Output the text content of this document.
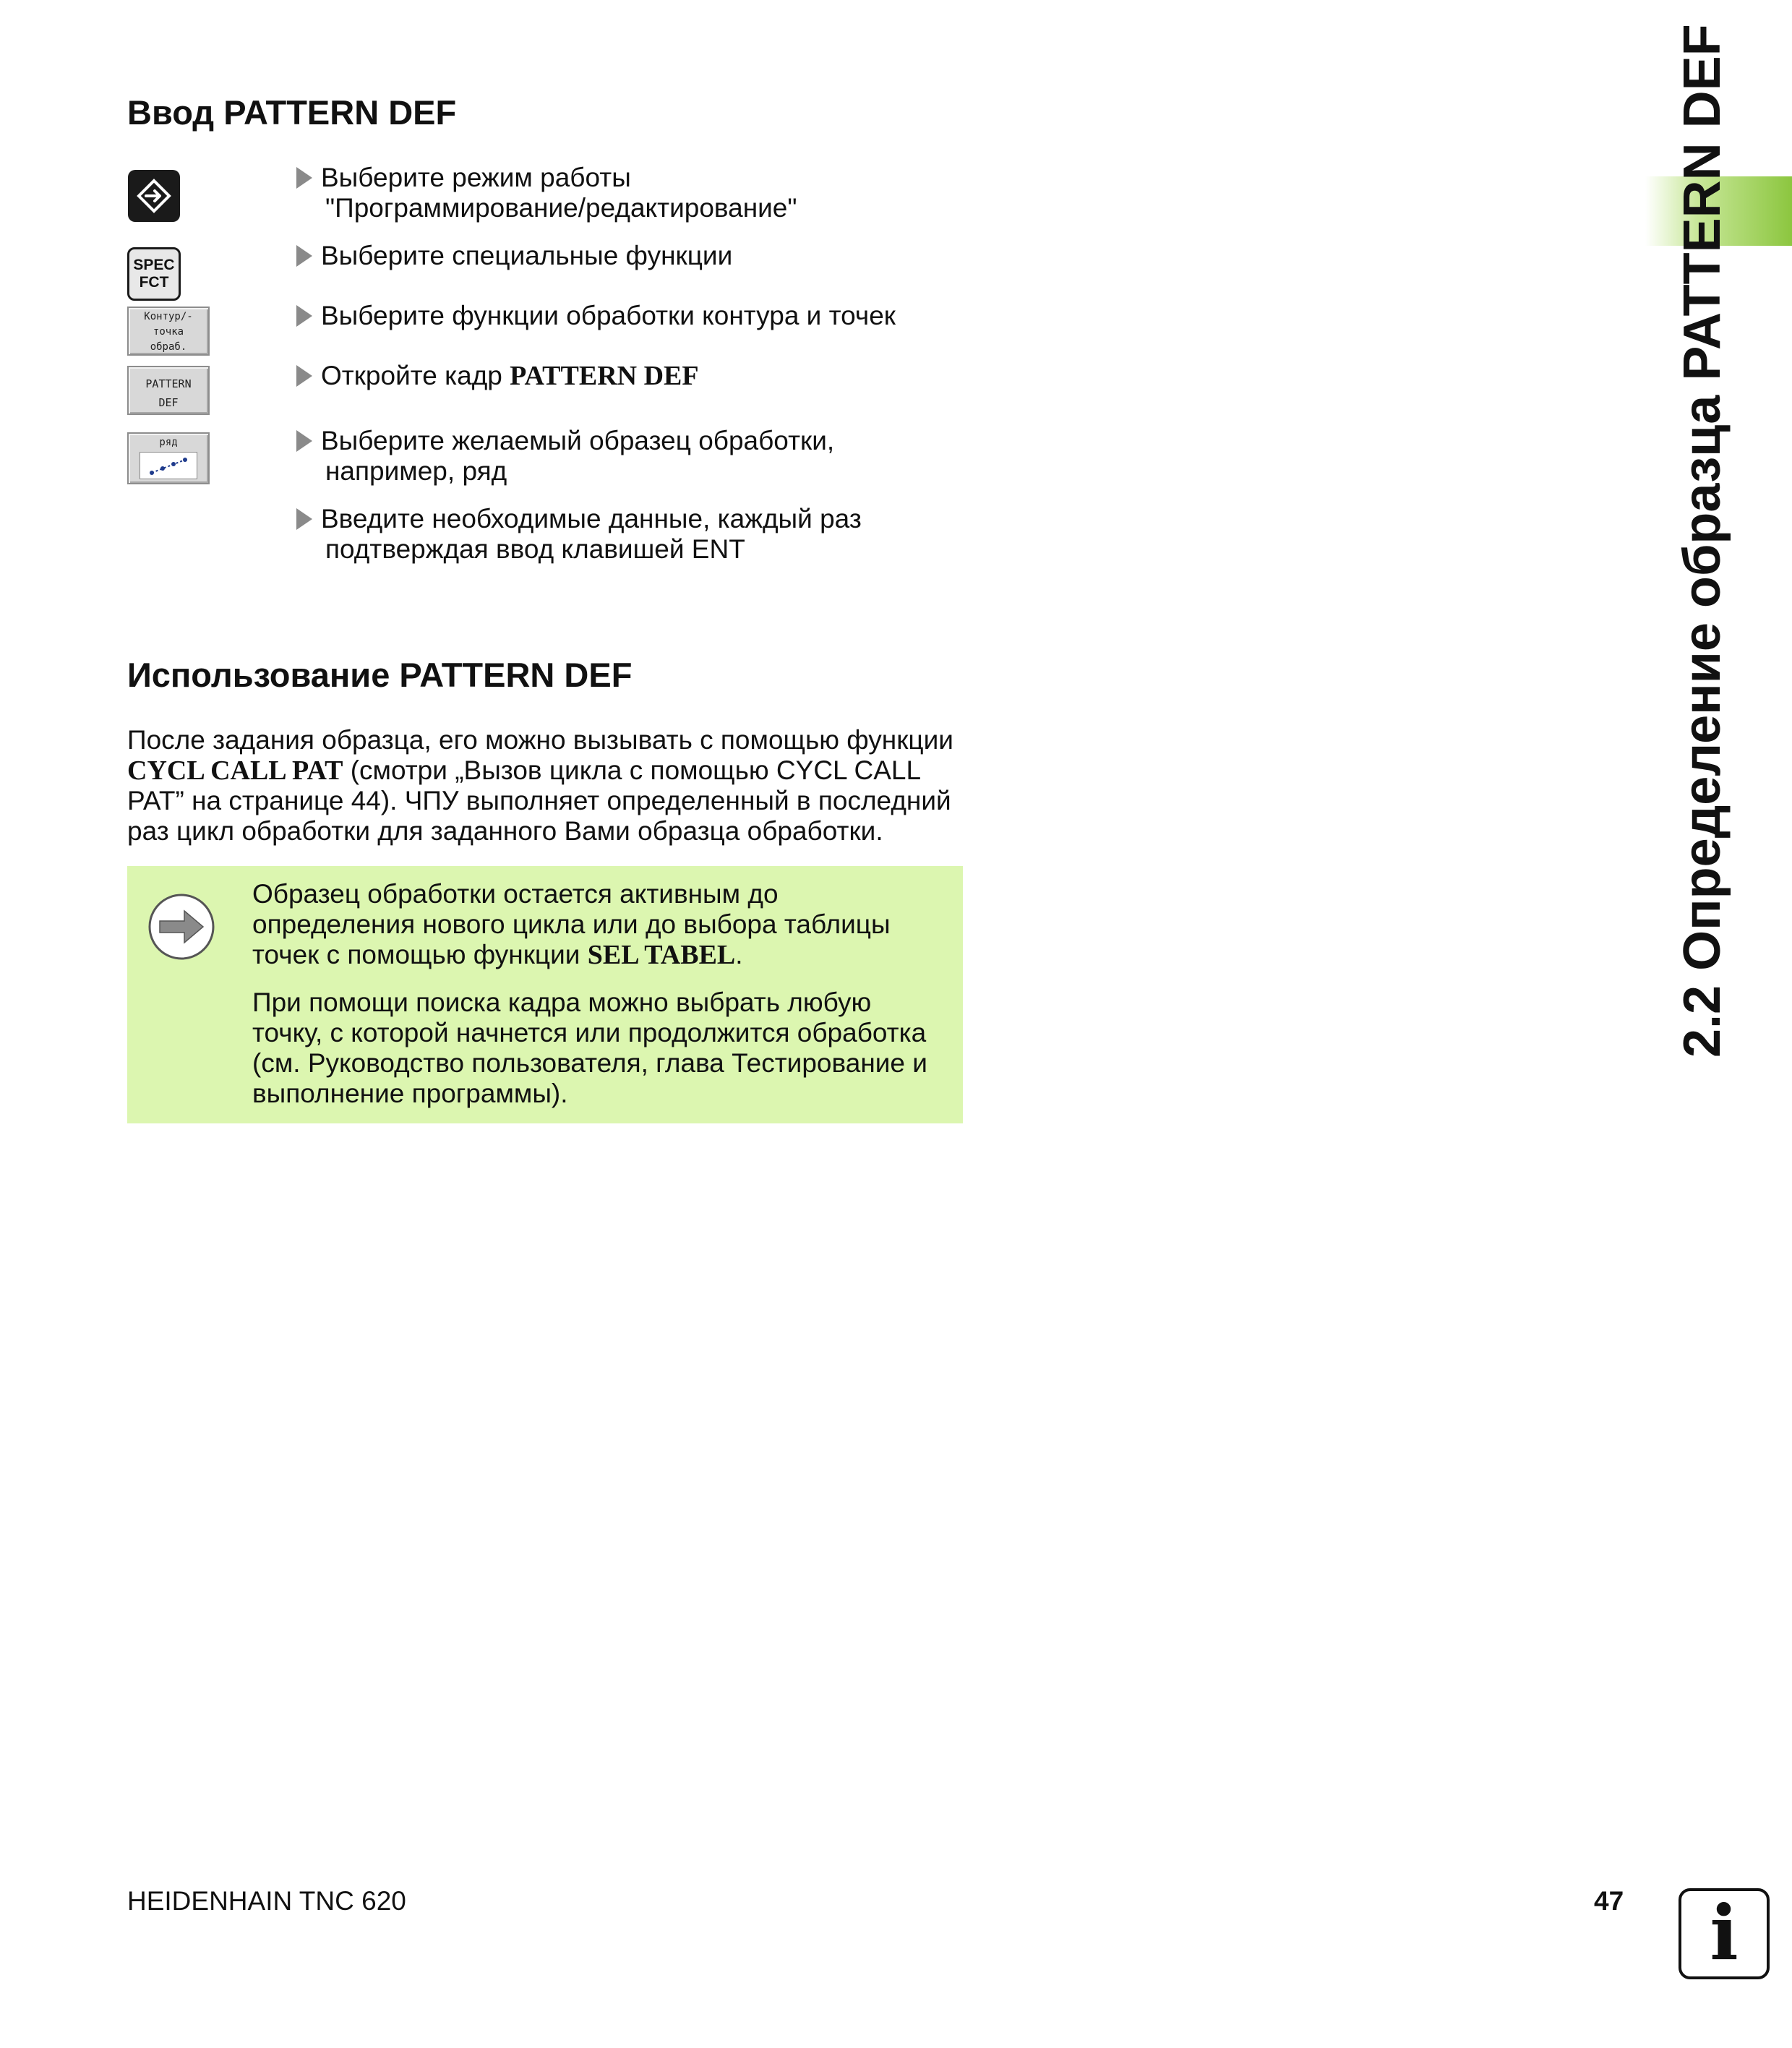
Ввод PATTERN DEF
SPEC
FCT
Контур/-
точка
обраб.
PATTERN
DEF
ряд
Выберите режим работы
"Программирование/редактирование"
Выберите специальные функции
Выберите функции обработки контура и точек
Откройте кадр PATTERN DEF
Выберите желаемый образец обработки,
например, ряд
Введите необходимые данные, каждый раз
подтверждая ввод клавишей ENT
Использование PATTERN DEF
После задания образца, его можно вызывать с помощью функции
CYCL CALL PAT (смотри „Вызов цикла с помощью CYCL CALL
PAT” на странице 44). ЧПУ выполняет определенный в последний
раз цикл обработки для заданного Вами образца обработки.
Образец обработки остается активным до
определения нового цикла или до выбора таблицы
точек с помощью функции SEL TABEL.
При помощи поиска кадра можно выбрать любую
точку, с которой начнется или продолжится обработка
(см. Руководство пользователя, глава Тестирование и
выполнение программы).
2.2 Определение образца PATTERN DEF
HEIDENHAIN TNC 620	47	i
